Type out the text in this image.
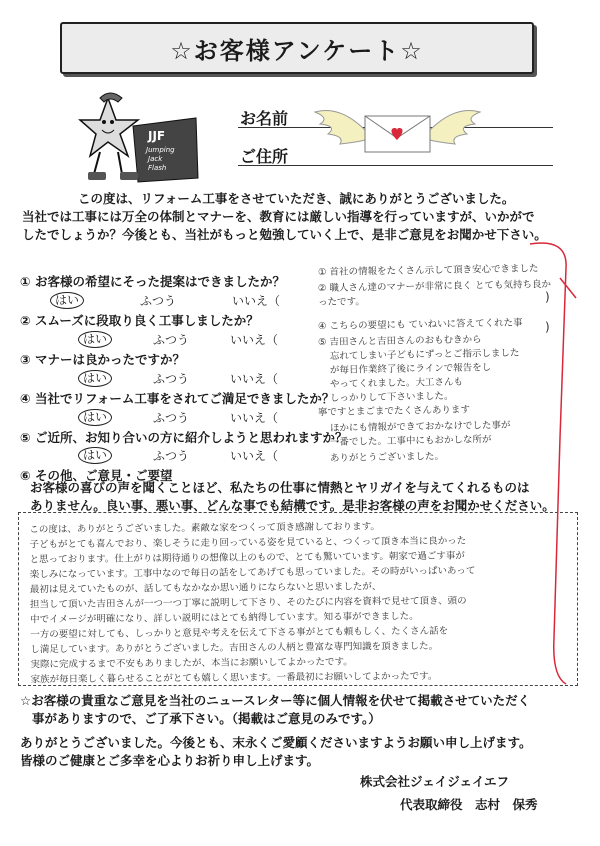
☆お客様アンケート☆
JJF
Jumping
Jack
Flash
お名前
ご住所

この度は、リフォーム工事をさせていただき、誠にありがとうございました。

当社では工事には万全の体制とマナーを、教育には厳しい指導を行っていますが、いかがで

したでしょうか？今後とも、当社がもっと勉強していく上で、是非ご意見をお聞かせ下さい。

① お客様の希望にそった提案はできましたか？
はい	ふつう	いいえ（
② スムーズに段取り良く工事しましたか？
はい	ふつう	いいえ（
③ マナーは良かったですか？
はい	ふつう	いいえ（
④ 当社でリフォーム工事をされてご満足できましたか？
はい	ふつう	いいえ（
⑤ ご近所、お知り合いの方に紹介しようと思われますか？
はい	ふつう	いいえ（
⑥ その他、ご意見・ご要望
① 首社の情報をたくさん示して頂き安心できました
② 職人さん達のマナーが非常に良く とても気持ち良かったです。	)
④ こちらの要望にも ていねいに答えてくれた事	)
⑤ 吉田さんと吉田さんのおもむきから
忘れてしまい子どもにずっとご指示しました
が毎日作業終了後にラインで報告をし
やってくれました。大工さんも
しっかりして下さいました。
寧ですとまごまでたくさんあります
ほかにも情報ができておかなけでした事が
一番でした。工事中にもおかしな所が
ありがとうございました。
お客様の喜びの声を聞くことほど、私たちの仕事に情熱とヤリガイを与えてくれるものは
ありません。良い事、悪い事、どんな事でも結構です。是非お客様の声をお聞かせください。
この度は、ありがとうございました。素敵な家をつくって頂き感謝しております。
子どもがとても喜んでおり、楽しそうに走り回っている姿を見ていると、つくって頂き本当に良かった
と思っております。仕上がりは期待通りの想像以上のもので、とても驚いています。朝家で過ごす事が
楽しみになっています。工事中なので毎日の話をしてあげても思っていました。その時がいっぱいあって
最初は見えていたものが、話してもなかなか思い通りにならないと思いましたが、
担当して頂いた吉田さんが一つ一つ丁寧に説明して下さり、そのたびに内容を資料で見せて頂き、頭の
中でイメージが明確になり、詳しい説明にはとても納得しています。知る事ができました。
一方の要望に対しても、しっかりと意見や考えを伝えて下さる事がとても頼もしく、たくさん話を
し満足しています。ありがとうございました。吉田さんの人柄と豊富な専門知識を頂きました。
実際に完成するまで不安もありましたが、本当にお願いしてよかったです。
家族が毎日楽しく暮らせることがとても嬉しく思います。一番最初にお願いしてよかったです。
☆お客様の貴重なご意見を当社のニュースレター等に個人情報を伏せて掲載させていただく
事がありますので、ご了承下さい。（掲載はご意見のみです。）
ありがとうございました。今後とも、末永くご愛顧くださいますようお願い申し上げます。
皆様のご健康とご多幸を心よりお祈り申し上げます。
株式会社ジェイジェイエフ
代表取締役　志村　保秀
